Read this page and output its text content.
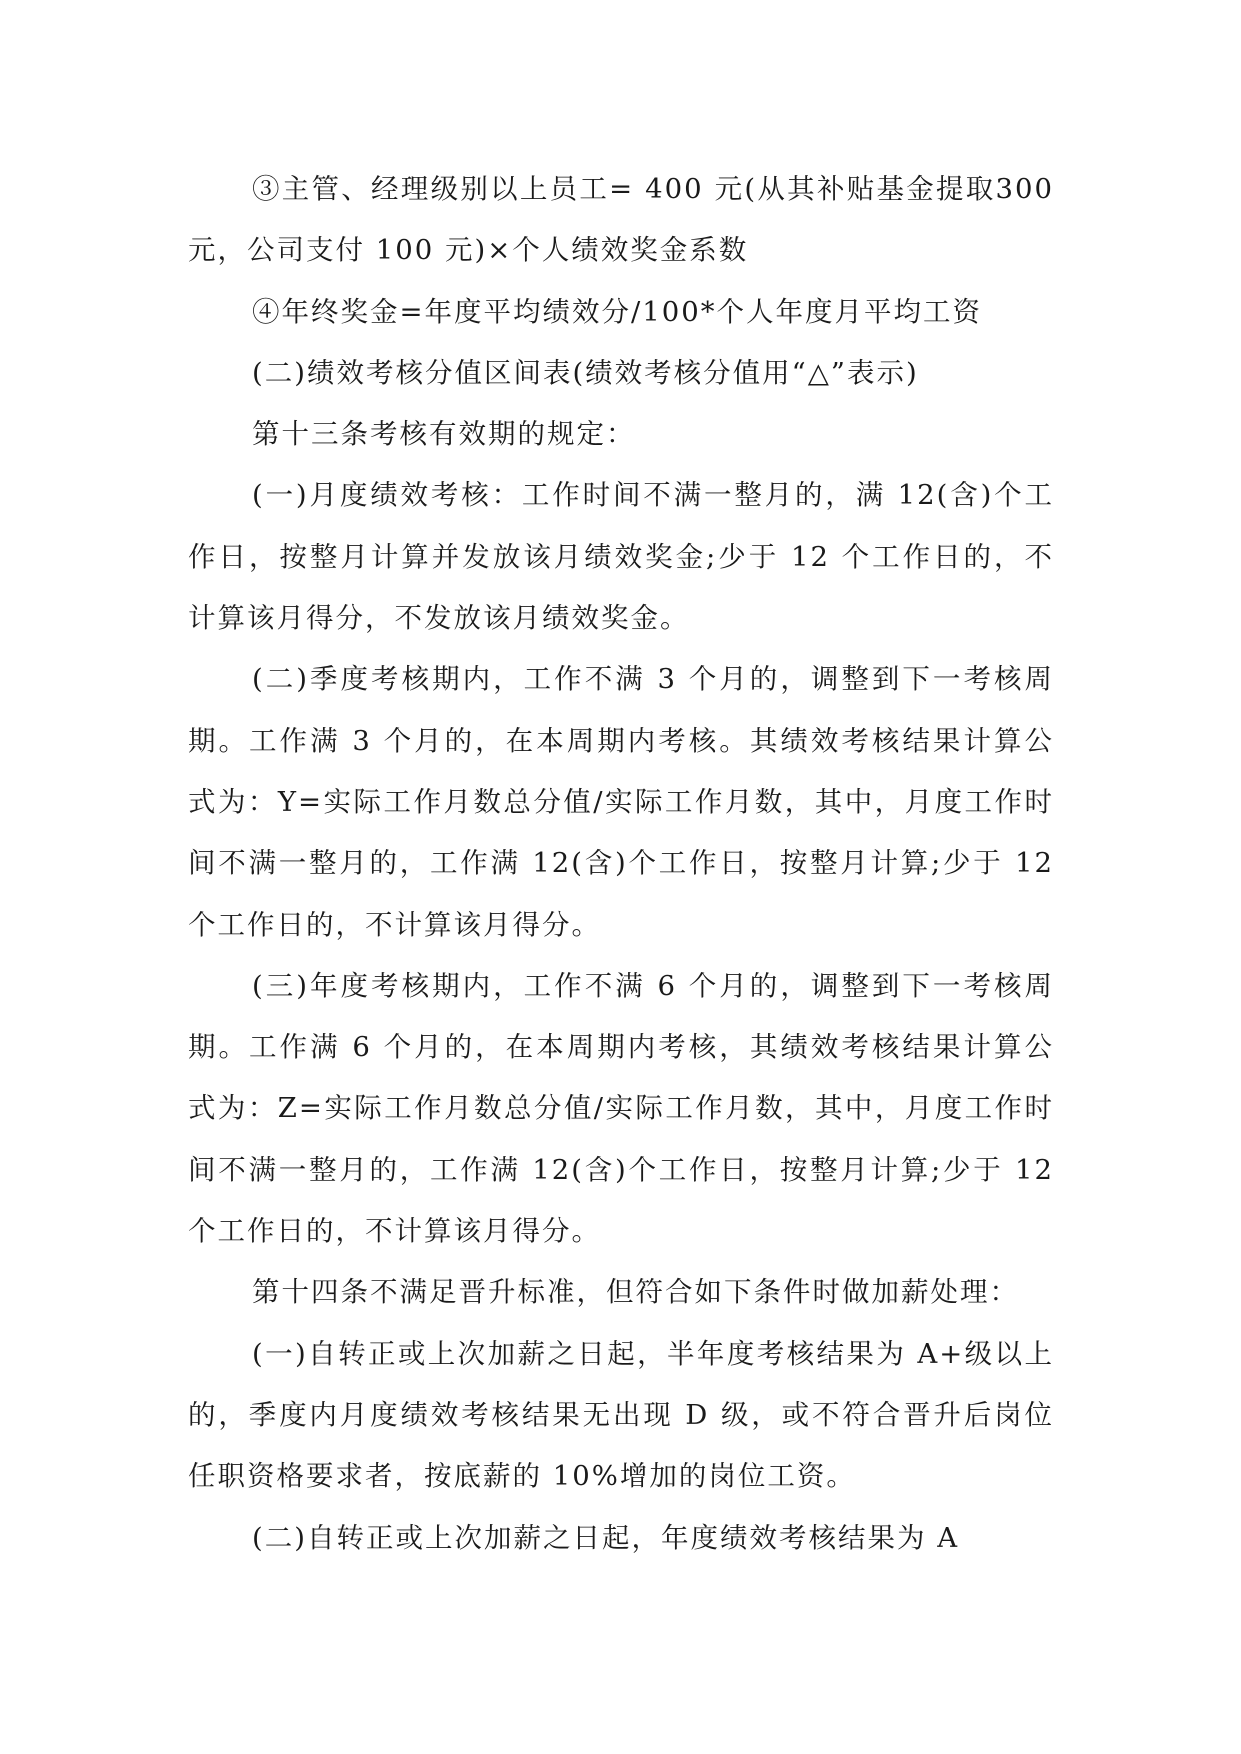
③主管、经理级别以上员工= 400 元(从其补贴基金提取300 元，公司支付 100 元)×个人绩效奖金系数

④年终奖金=年度平均绩效分/100*个人年度月平均工资

(二)绩效考核分值区间表(绩效考核分值用“△”表示)

第十三条考核有效期的规定：

(一)月度绩效考核：工作时间不满一整月的，满 12(含)个工作日，按整月计算并发放该月绩效奖金;少于 12 个工作日的，不计算该月得分，不发放该月绩效奖金。

(二)季度考核期内，工作不满 3 个月的，调整到下一考核周期。工作满 3 个月的，在本周期内考核。其绩效考核结果计算公式为：Y=实际工作月数总分值/实际工作月数，其中，月度工作时间不满一整月的，工作满 12(含)个工作日，按整月计算;少于 12 个工作日的，不计算该月得分。

(三)年度考核期内，工作不满 6 个月的，调整到下一考核周期。工作满 6 个月的，在本周期内考核，其绩效考核结果计算公式为：Z=实际工作月数总分值/实际工作月数，其中，月度工作时间不满一整月的，工作满 12(含)个工作日，按整月计算;少于 12 个工作日的，不计算该月得分。

第十四条不满足晋升标准，但符合如下条件时做加薪处理：

(一)自转正或上次加薪之日起，半年度考核结果为 A+级以上的，季度内月度绩效考核结果无出现 D 级，或不符合晋升后岗位任职资格要求者，按底薪的 10%增加的岗位工资。

(二)自转正或上次加薪之日起，年度绩效考核结果为 A
